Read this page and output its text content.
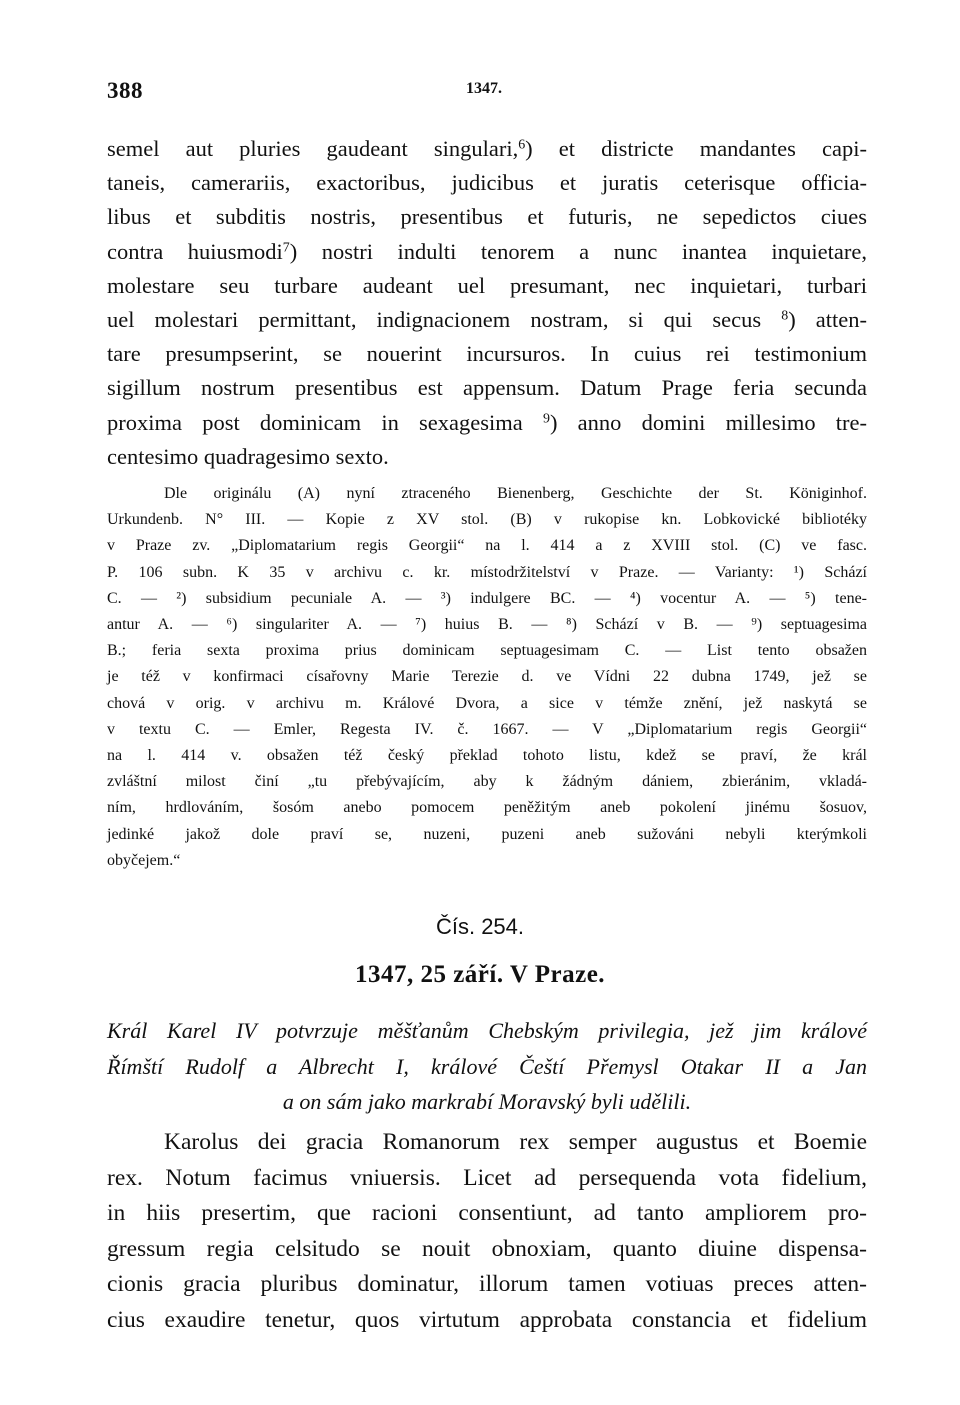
388	1347.
semel aut pluries gaudeant singulari,$^6$) et districte mandantes capi-
taneis, camerariis, exactoribus, judicibus et juratis ceterisque officia-
libus et subditis nostris, presentibus et futuris, ne sepedictos ciues
contra huiusmodi$^7$) nostri indulti tenorem a nunc inantea inquietare,
molestare seu turbare audeant uel presumant, nec inquietari, turbari
uel molestari permittant, indignacionem nostram, si qui secus $^8$) atten-
tare presumpserint, se nouerint incursuros. In cuius rei testimonium
sigillum nostrum presentibus est appensum. Datum Prage feria secunda
proxima post dominicam in sexagesima $^9$) anno domini millesimo tre-
centesimo quadragesimo sexto.
Dle originálu (A) nyní ztraceného Bienenberg, Geschichte der St. Königinhof.
Urkundenb. N° III. — Kopie z XV stol. (B) v rukopise kn. Lobkovické bibliotéky
v Praze zv. „Diplomatarium regis Georgii“ na l. 414 a z XVIII stol. (C) ve fasc.
P. 106 subn. K 35 v archivu c. kr. místodržitelství v Praze. — Varianty: ¹) Schází
C. — ²) subsidium pecuniale A. — ³) indulgere BC. — ⁴) vocentur A. — ⁵) tene-
antur A. — ⁶) singulariter A. — ⁷) huius B. — ⁸) Schází v B. — ⁹) septuagesima
B.; feria sexta proxima prius dominicam septuagesimam C. — List tento obsažen
je též v konfirmaci císařovny Marie Terezie d. ve Vídni 22 dubna 1749, jež se
chová v orig. v archivu m. Králové Dvora, a sice v témže znění, jež naskytá se
v textu C. — Emler, Regesta IV. č. 1667. — V „Diplomatarium regis Georgii“
na l. 414 v. obsažen též český překlad tohoto listu, kdež se praví, že král
zvláštní milost činí „tu přebývajícím, aby k žádným dániem, zbieránim, vkladá-
ním, hrdlováním, šosóm anebo pomocem peněžitým aneb pokolení jinému šosuov,
jedinké jakož dole praví se, nuzeni, puzeni aneb sužováni nebyli kterýmkoli
obyčejem.“
Čís. 254.
1347, 25 září. V Praze.
Král Karel IV potvrzuje měšťanům Chebským privilegia, jež jim králové
Římští Rudolf a Albrecht I, králové Čeští Přemysl Otakar II a Jan
a on sám jako markrabí Moravský byli udělili.
Karolus dei gracia Romanorum rex semper augustus et Boemie
rex. Notum facimus vniuersis. Licet ad persequenda vota fidelium,
in hiis presertim, que racioni consentiunt, ad tanto ampliorem pro-
gressum regia celsitudo se nouit obnoxiam, quanto diuine dispensa-
cionis gracia pluribus dominatur, illorum tamen votiuas preces atten-
cius exaudire tenetur, quos virtutum approbata constancia et fidelium
